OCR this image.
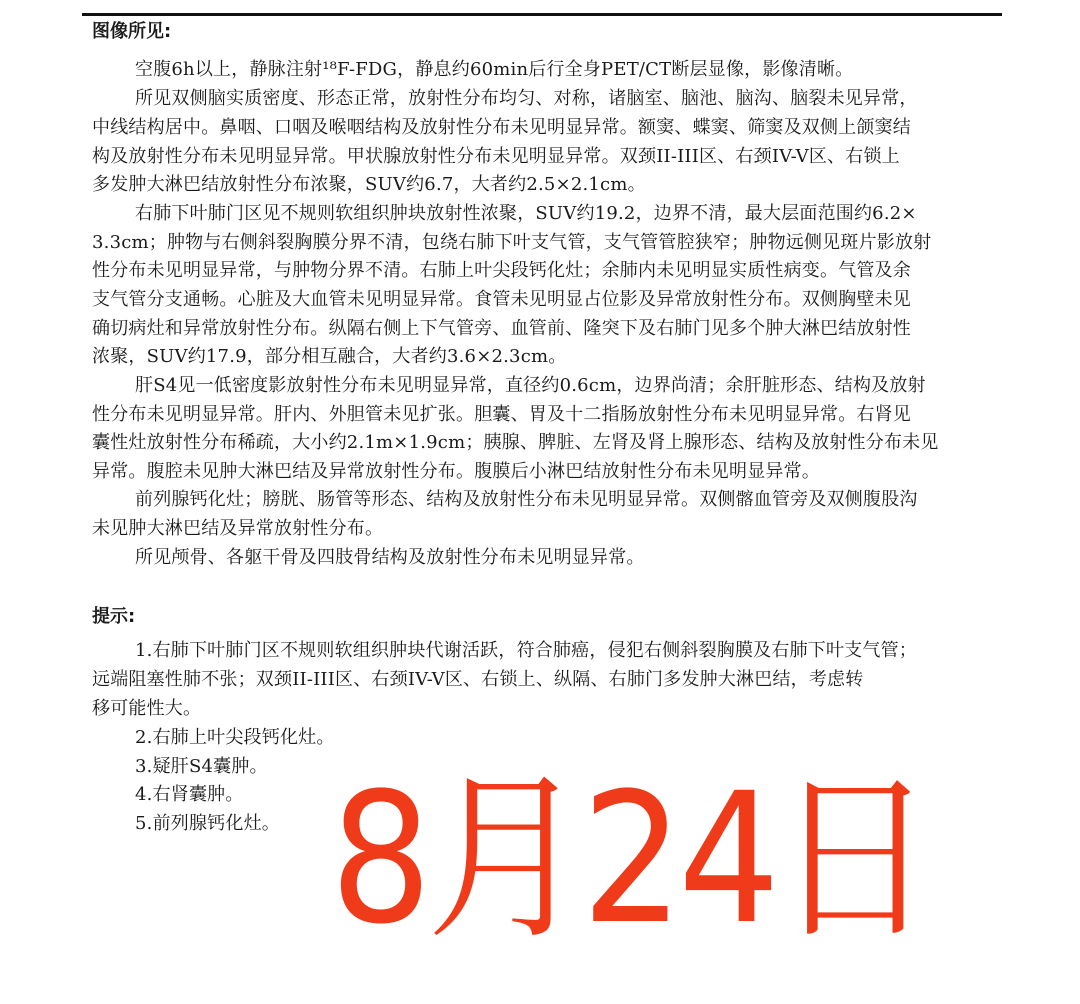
图像所见:
空腹6h以上，静脉注射¹⁸F-FDG，静息约60min后行全身PET/CT断层显像，影像清晰。
所见双侧脑实质密度、形态正常，放射性分布均匀、对称，诸脑室、脑池、脑沟、脑裂未见异常，
中线结构居中。鼻咽、口咽及喉咽结构及放射性分布未见明显异常。额窦、蝶窦、筛窦及双侧上颌窦结
构及放射性分布未见明显异常。甲状腺放射性分布未见明显异常。双颈II-III区、右颈IV-V区、右锁上
多发肿大淋巴结放射性分布浓聚，SUV约6.7，大者约2.5×2.1cm。
右肺下叶肺门区见不规则软组织肿块放射性浓聚，SUV约19.2，边界不清，最大层面范围约6.2×
3.3cm；肿物与右侧斜裂胸膜分界不清，包绕右肺下叶支气管，支气管管腔狭窄；肿物远侧见斑片影放射
性分布未见明显异常，与肿物分界不清。右肺上叶尖段钙化灶；余肺内未见明显实质性病变。气管及余
支气管分支通畅。心脏及大血管未见明显异常。食管未见明显占位影及异常放射性分布。双侧胸壁未见
确切病灶和异常放射性分布。纵隔右侧上下气管旁、血管前、隆突下及右肺门见多个肿大淋巴结放射性
浓聚，SUV约17.9，部分相互融合，大者约3.6×2.3cm。
肝S4见一低密度影放射性分布未见明显异常，直径约0.6cm，边界尚清；余肝脏形态、结构及放射
性分布未见明显异常。肝内、外胆管未见扩张。胆囊、胃及十二指肠放射性分布未见明显异常。右肾见
囊性灶放射性分布稀疏，大小约2.1m×1.9cm；胰腺、脾脏、左肾及肾上腺形态、结构及放射性分布未见
异常。腹腔未见肿大淋巴结及异常放射性分布。腹膜后小淋巴结放射性分布未见明显异常。
前列腺钙化灶；膀胱、肠管等形态、结构及放射性分布未见明显异常。双侧髂血管旁及双侧腹股沟
未见肿大淋巴结及异常放射性分布。
所见颅骨、各躯干骨及四肢骨结构及放射性分布未见明显异常。
提示:
1.右肺下叶肺门区不规则软组织肿块代谢活跃，符合肺癌，侵犯右侧斜裂胸膜及右肺下叶支气管；
远端阻塞性肺不张；双颈II-III区、右颈IV-V区、右锁上、纵隔、右肺门多发肿大淋巴结，考虑转
移可能性大。
2.右肺上叶尖段钙化灶。
3.疑肝S4囊肿。
4.右肾囊肿。
5.前列腺钙化灶。 8月24日
